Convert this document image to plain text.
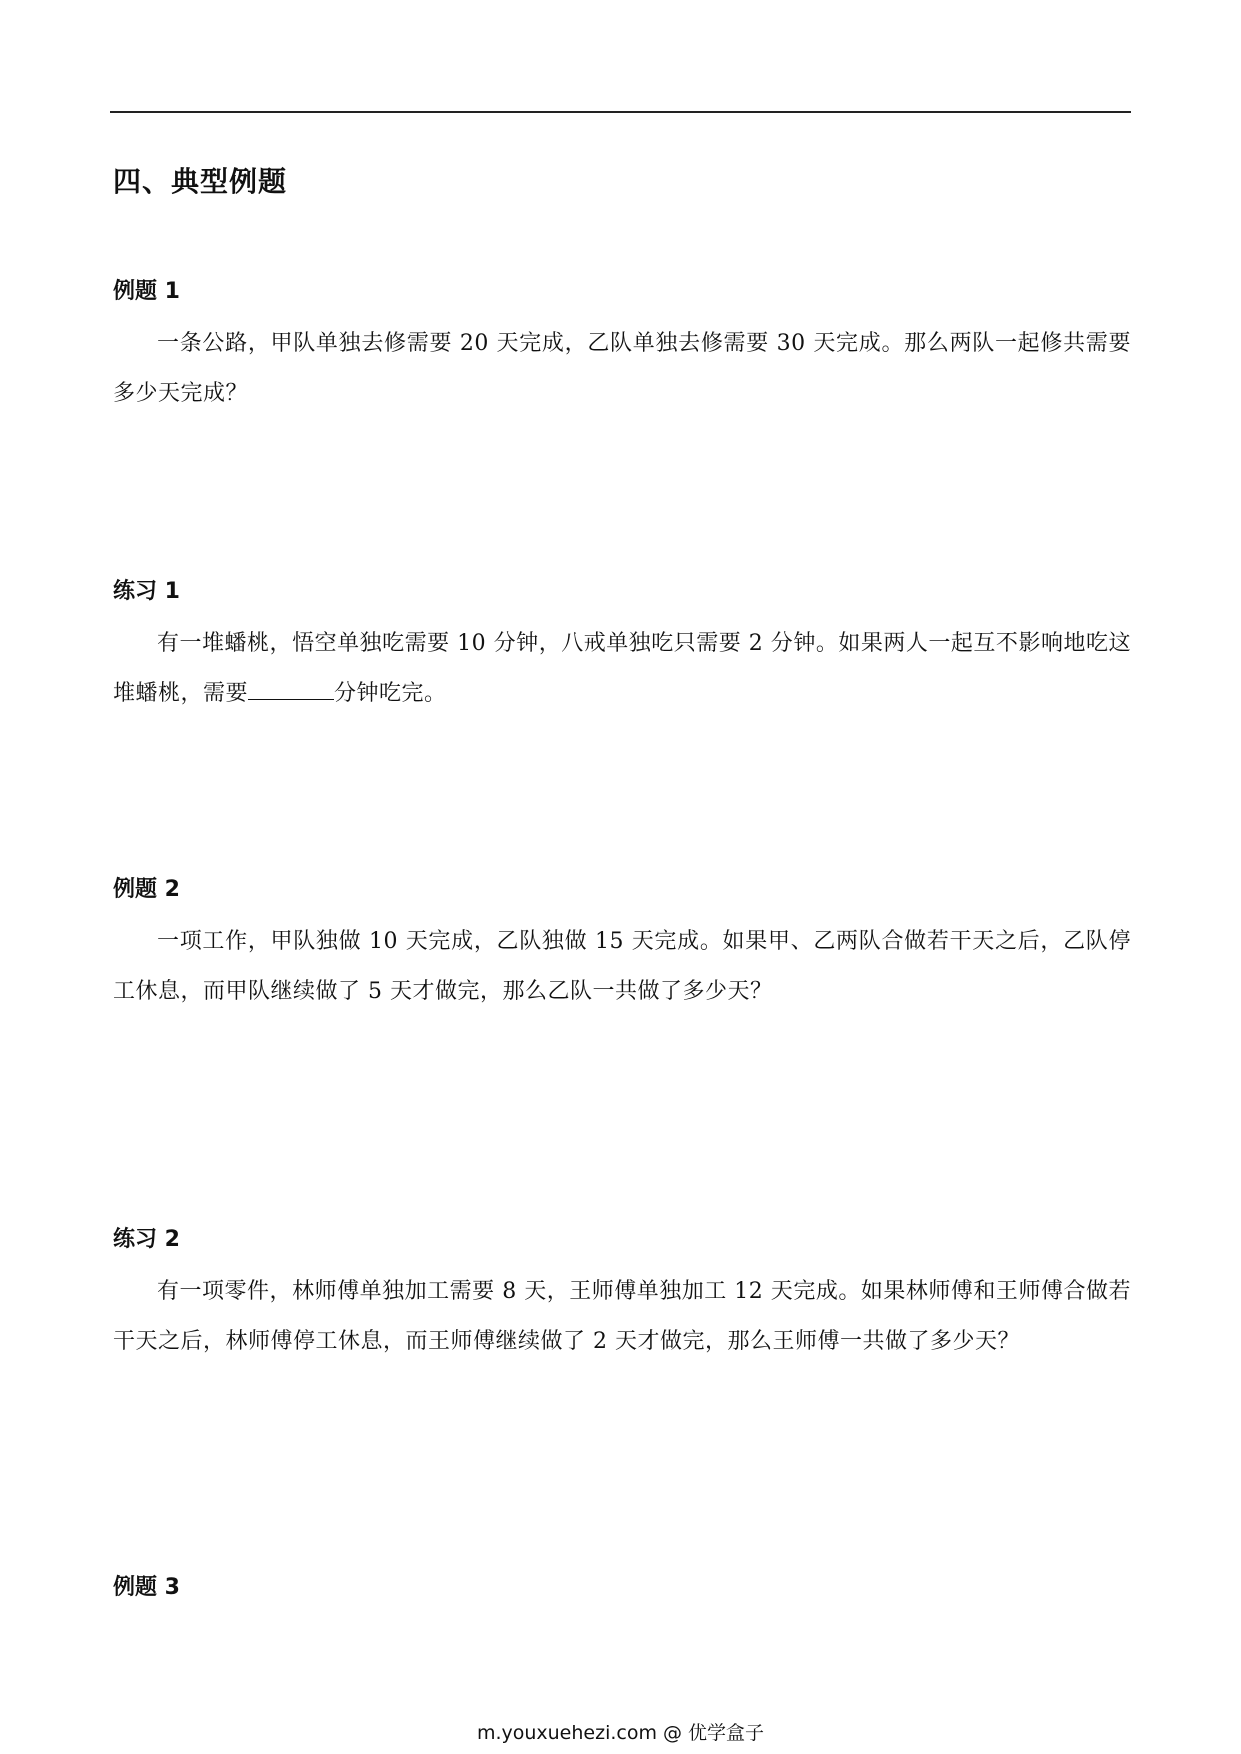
四、典型例题

例题 1

一条公路，甲队单独去修需要 20 天完成，乙队单独去修需要 30 天完成。那么两队一起修共需要多少天完成？

练习 1

有一堆蟠桃，悟空单独吃需要 10 分钟，八戒单独吃只需要 2 分钟。如果两人一起互不影响地吃这堆蟠桃，需要	分钟吃完。

例题 2

一项工作，甲队独做 10 天完成，乙队独做 15 天完成。如果甲、乙两队合做若干天之后，乙队停工休息，而甲队继续做了 5 天才做完，那么乙队一共做了多少天？

练习 2

有一项零件，林师傅单独加工需要 8 天，王师傅单独加工 12 天完成。如果林师傅和王师傅合做若干天之后，林师傅停工休息，而王师傅继续做了 2 天才做完，那么王师傅一共做了多少天？

例题 3

m.youxuehezi.com @ 优学盒子
